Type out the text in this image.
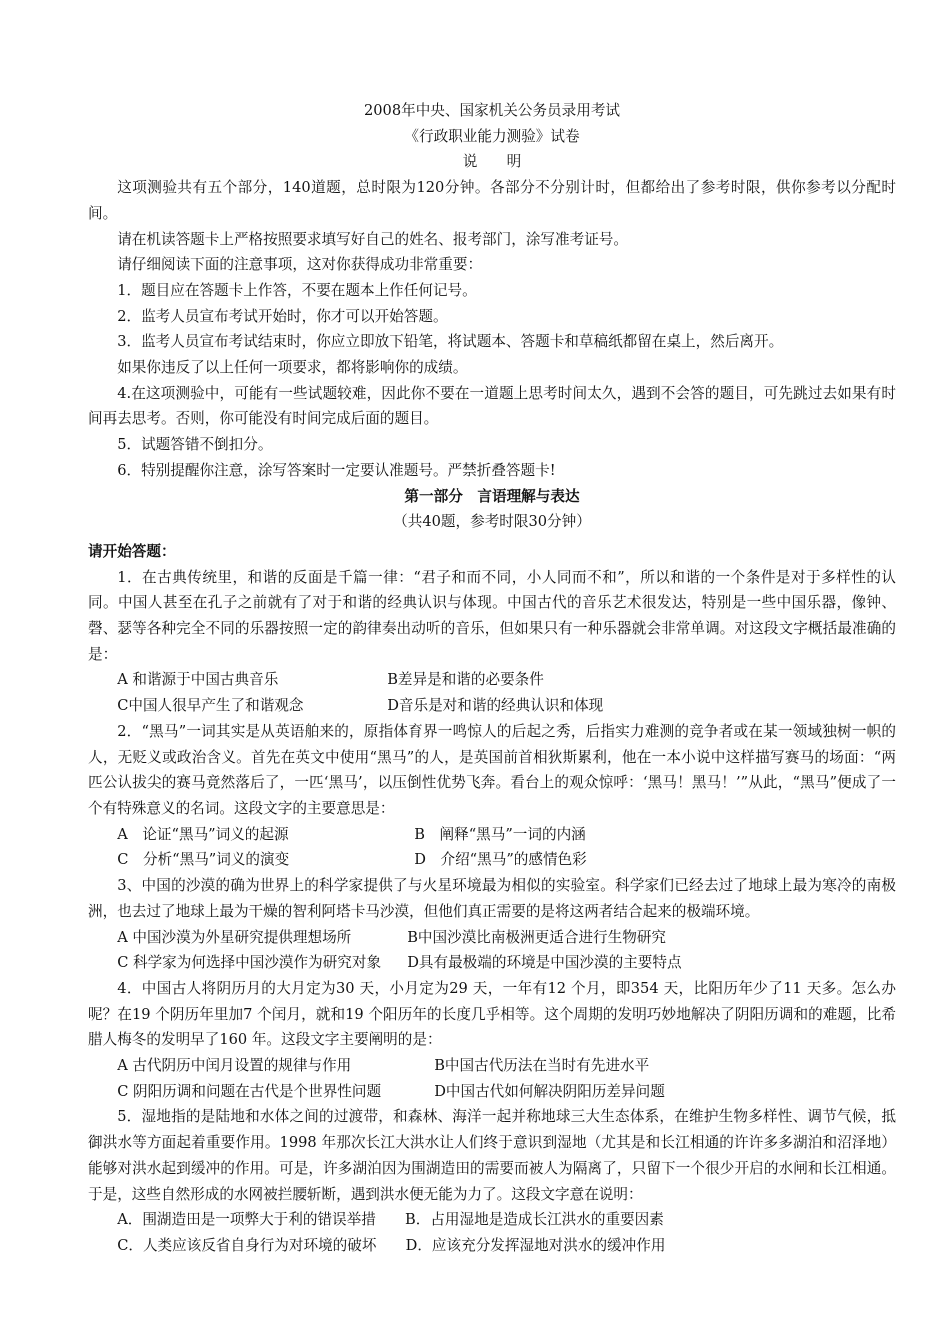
2008年中央、国家机关公务员录用考试
《行政职业能力测验》试卷
说　　明
这项测验共有五个部分，140道题，总时限为120分钟。各部分不分别计时，但都给出了参考时限，供你参考以分配时间。
请在机读答题卡上严格按照要求填写好自己的姓名、报考部门，涂写准考证号。
请仔细阅读下面的注意事项，这对你获得成功非常重要：
1．题目应在答题卡上作答，不要在题本上作任何记号。
2．监考人员宣布考试开始时，你才可以开始答题。
3．监考人员宣布考试结束时，你应立即放下铅笔，将试题本、答题卡和草稿纸都留在桌上，然后离开。
如果你违反了以上任何一项要求，都将影响你的成绩。
4.在这项测验中，可能有一些试题较难，因此你不要在一道题上思考时间太久，遇到不会答的题目，可先跳过去如果有时间再去思考。否则，你可能没有时间完成后面的题目。
5．试题答错不倒扣分。
6．特别提醒你注意，涂写答案时一定要认准题号。严禁折叠答题卡!
第一部分　言语理解与表达
（共40题，参考时限30分钟）
请开始答题：
1．在古典传统里，和谐的反面是千篇一律：“君子和而不同，小人同而不和”，所以和谐的一个条件是对于多样性的认同。中国人甚至在孔子之前就有了对于和谐的经典认识与体现。中国古代的音乐艺术很发达，特别是一些中国乐器，像钟、磬、瑟等各种完全不同的乐器按照一定的韵律奏出动听的音乐，但如果只有一种乐器就会非常单调。对这段文字概括最准确的是：
A 和谐源于中国古典音乐	B差异是和谐的必要条件
C中国人很早产生了和谐观念	D音乐是对和谐的经典认识和体现
2．“黑马”一词其实是从英语舶来的，原指体育界一鸣惊人的后起之秀，后指实力难测的竞争者或在某一领域独树一帜的人，无贬义或政治含义。首先在英文中使用“黑马”的人，是英国前首相狄斯累利，他在一本小说中这样描写赛马的场面：“两匹公认拔尖的赛马竟然落后了，一匹‘黑马’，以压倒性优势飞奔。看台上的观众惊呼：‘黑马！黑马！’”从此，“黑马”便成了一个有特殊意义的名词。这段文字的主要意思是：
A　论证“黑马”词义的起源	B　阐释“黑马”一词的内涵
C　分析“黑马”词义的演变	D　介绍“黑马”的感情色彩
3、中国的沙漠的确为世界上的科学家提供了与火星环境最为相似的实验室。科学家们已经去过了地球上最为寒冷的南极洲，也去过了地球上最为干燥的智利阿塔卡马沙漠，但他们真正需要的是将这两者结合起来的极端环境。
A 中国沙漠为外星研究提供理想场所	B中国沙漠比南极洲更适合进行生物研究
C 科学家为何选择中国沙漠作为研究对象	D具有最极端的环境是中国沙漠的主要特点
4．中国古人将阴历月的大月定为30 天，小月定为29 天，一年有12 个月，即354 天，比阳历年少了11 天多。怎么办呢？在19 个阴历年里加7 个闰月，就和19 个阳历年的长度几乎相等。这个周期的发明巧妙地解决了阴阳历调和的难题，比希腊人梅冬的发明早了160 年。这段文字主要阐明的是：
A 古代阴历中闰月设置的规律与作用	B中国古代历法在当时有先进水平
C 阴阳历调和问题在古代是个世界性问题	D中国古代如何解决阴阳历差异问题
5．湿地指的是陆地和水体之间的过渡带，和森林、海洋一起并称地球三大生态体系，在维护生物多样性、调节气候，抵御洪水等方面起着重要作用。1998 年那次长江大洪水让人们终于意识到湿地（尤其是和长江相通的许许多多湖泊和沼泽地）能够对洪水起到缓冲的作用。可是，许多湖泊因为围湖造田的需要而被人为隔离了，只留下一个很少开启的水闸和长江相通。于是，这些自然形成的水网被拦腰斩断，遇到洪水便无能为力了。这段文字意在说明：
A．围湖造田是一项弊大于利的错误举措	B．占用湿地是造成长江洪水的重要因素
C．人类应该反省自身行为对环境的破坏	D．应该充分发挥湿地对洪水的缓冲作用
